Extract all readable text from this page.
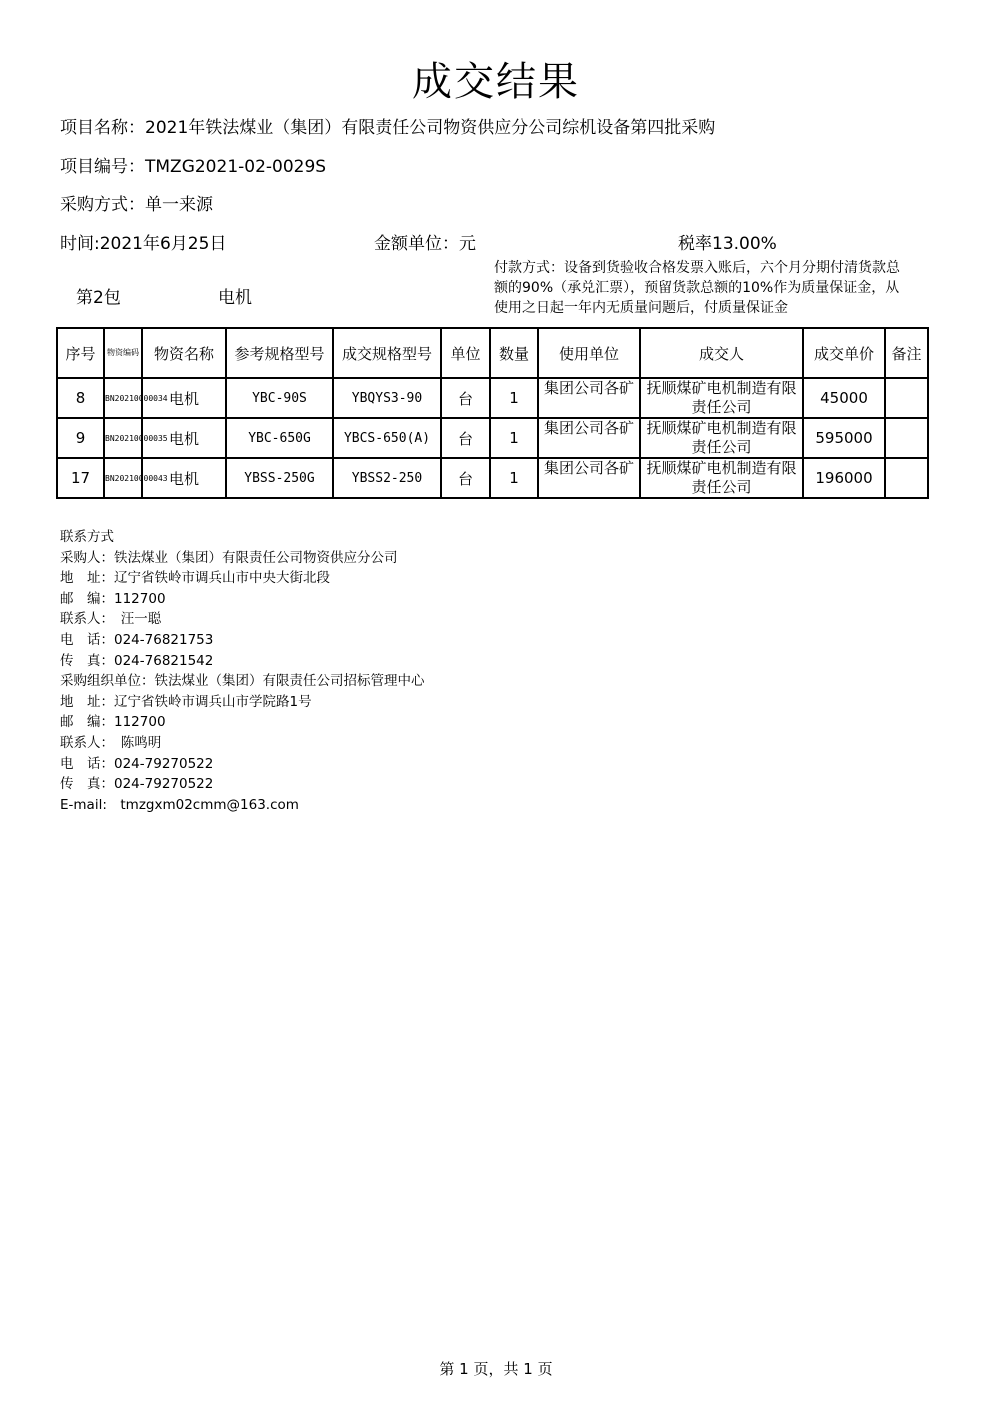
成交结果
项目名称：2021年铁法煤业（集团）有限责任公司物资供应分公司综机设备第四批采购
项目编号：TMZG2021-02-0029S
采购方式：单一来源
时间:2021年6月25日	金额单位：元	税率13.00%
付款方式：设备到货验收合格发票入账后，六个月分期付清货款总额的90%（承兑汇票），预留货款总额的10%作为质量保证金，从使用之日起一年内无质量问题后，付质量保证金
第2包	电机
序号	物资编码	物资名称	参考规格型号	成交规格型号	单位	数量	使用单位	成交人	成交单价	备注
8	BN20210000034	电机	YBC-90S	YBQYS3-90	台	1	集团公司各矿	抚顺煤矿电机制造有限责任公司	45000	
9	BN20210000035	电机	YBC-650G	YBCS-650(A)	台	1	集团公司各矿	抚顺煤矿电机制造有限责任公司	595000	
17	BN20210000043	电机	YBSS-250G	YBSS2-250	台	1	集团公司各矿	抚顺煤矿电机制造有限责任公司	196000	
联系方式
采购人：铁法煤业（集团）有限责任公司物资供应分公司
地　址：辽宁省铁岭市调兵山市中央大街北段
邮　编：112700
联系人：　汪一聪
电　话：024-76821753
传　真：024-76821542
采购组织单位：铁法煤业（集团）有限责任公司招标管理中心
地　址：辽宁省铁岭市调兵山市学院路1号
邮　编：112700
联系人：　陈鸣明
电　话：024-79270522
传　真：024-79270522
E-mail:　tmzgxm02cmm@163.com
第 1 页，共 1 页
